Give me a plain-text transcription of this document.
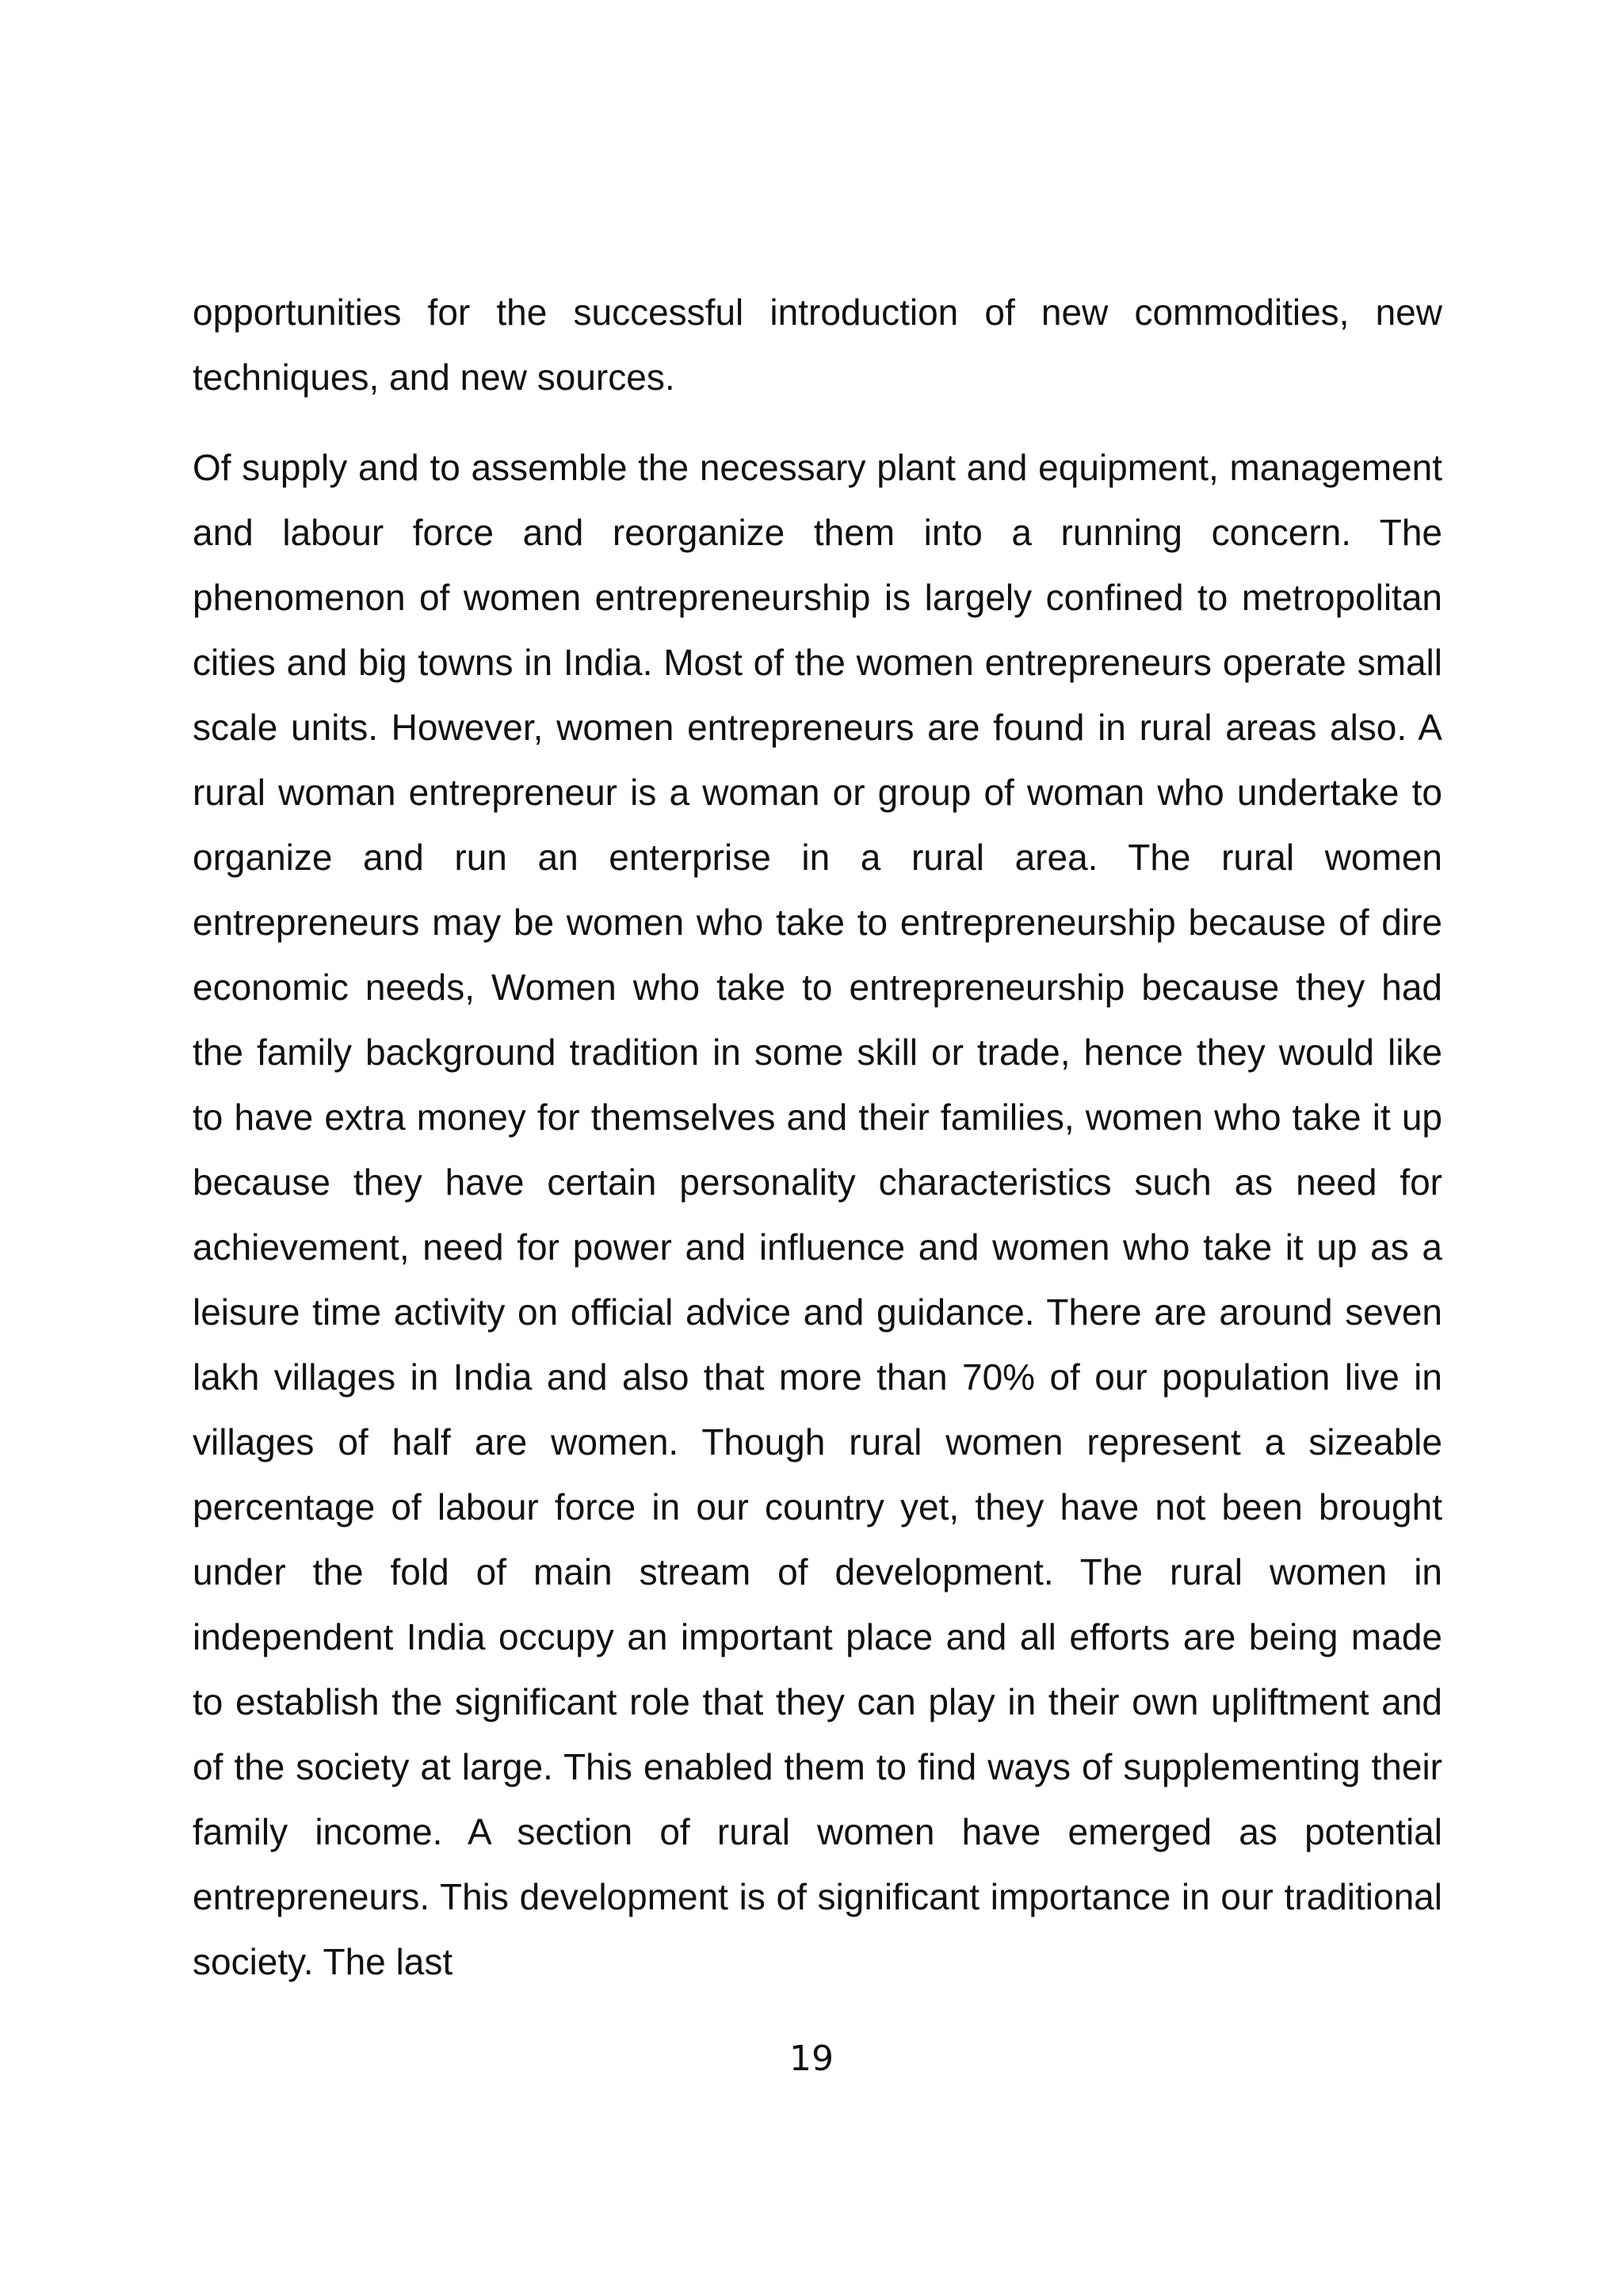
opportunities for the successful introduction of new commodities, new techniques, and new sources.

Of supply and to assemble the necessary plant and equipment, management and labour force and reorganize them into a running concern. The phenomenon of women entrepreneurship is largely confined to metropolitan cities and big towns in India. Most of the women entrepreneurs operate small scale units. However, women entrepreneurs are found in rural areas also. A rural woman entrepreneur is a woman or group of woman who undertake to organize and run an enterprise in a rural area. The rural women entrepreneurs may be women who take to entrepreneurship because of dire economic needs, Women who take to entrepreneurship because they had the family background tradition in some skill or trade, hence they would like to have extra money for themselves and their families, women who take it up because they have certain personality characteristics such as need for achievement, need for power and influence and women who take it up as a leisure time activity on official advice and guidance. There are around seven lakh villages in India and also that more than 70% of our population live in villages of half are women. Though rural women represent a sizeable percentage of labour force in our country yet, they have not been brought under the fold of main stream of development. The rural women in independent India occupy an important place and all efforts are being made to establish the significant role that they can play in their own upliftment and of the society at large. This enabled them to find ways of supplementing their family income. A section of rural women have emerged as potential entrepreneurs. This development is of significant importance in our traditional society. The last

19
